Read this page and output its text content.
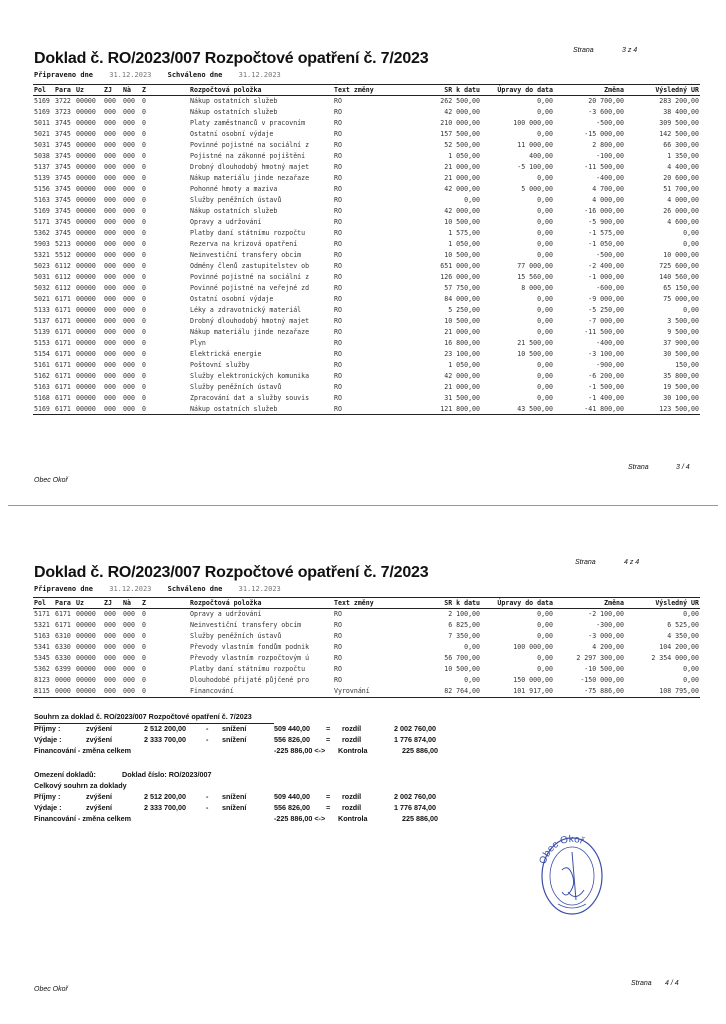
Doklad č. RO/2023/007 Rozpočtové opatření č. 7/2023	Strana	3 z 4
Připraveno dne 31.12.2023 Schváleno dne 31.12.2023
Pol	Para	Uz	ZJ	Nà	Z	Rozpočtová položka	Text změny	SR k datu	Úpravy do data	Změna	Výsledný UR
5169	3722	00000	000	000	0	Nákup ostatních služeb	RO	262 500,00	0,00	20 700,00	283 200,00
5169	3723	00000	000	000	0	Nákup ostatních služeb	RO	42 000,00	0,00	-3 600,00	38 400,00
5011	3745	00000	000	000	0	Platy zaměstnanců v pracovním	RO	210 000,00	100 000,00	-500,00	309 500,00
5021	3745	00000	000	000	0	Ostatní osobní výdaje	RO	157 500,00	0,00	-15 000,00	142 500,00
5031	3745	00000	000	000	0	Povinné pojistné na sociální z	RO	52 500,00	11 000,00	2 800,00	66 300,00
5038	3745	00000	000	000	0	Pojistné na zákonné pojištění	RO	1 050,00	400,00	-100,00	1 350,00
5137	3745	00000	000	000	0	Drobný dlouhodobý hmotný majet	RO	21 000,00	-5 100,00	-11 500,00	4 400,00
5139	3745	00000	000	000	0	Nákup materiálu jinde nezařaze	RO	21 000,00	0,00	-400,00	20 600,00
5156	3745	00000	000	000	0	Pohonné hmoty a maziva	RO	42 000,00	5 000,00	4 700,00	51 700,00
5163	3745	00000	000	000	0	Služby peněžních ústavů	RO	0,00	0,00	4 000,00	4 000,00
5169	3745	00000	000	000	0	Nákup ostatních služeb	RO	42 000,00	0,00	-16 000,00	26 000,00
5171	3745	00000	000	000	0	Opravy a udržování	RO	10 500,00	0,00	-5 900,00	4 600,00
5362	3745	00000	000	000	0	Platby daní státnímu rozpočtu	RO	1 575,00	0,00	-1 575,00	0,00
5903	5213	00000	000	000	0	Rezerva na krizová opatření	RO	1 050,00	0,00	-1 050,00	0,00
5321	5512	00000	000	000	0	Neinvestiční transfery obcím	RO	10 500,00	0,00	-500,00	10 000,00
5023	6112	00000	000	000	0	Odměny členů zastupitelstev ob	RO	651 000,00	77 000,00	-2 400,00	725 600,00
5031	6112	00000	000	000	0	Povinné pojistné na sociální z	RO	126 000,00	15 560,00	-1 000,00	140 560,00
5032	6112	00000	000	000	0	Povinné pojistné na veřejné zd	RO	57 750,00	8 000,00	-600,00	65 150,00
5021	6171	00000	000	000	0	Ostatní osobní výdaje	RO	84 000,00	0,00	-9 000,00	75 000,00
5133	6171	00000	000	000	0	Léky a zdravotnický materiál	RO	5 250,00	0,00	-5 250,00	0,00
5137	6171	00000	000	000	0	Drobný dlouhodobý hmotný majet	RO	10 500,00	0,00	-7 000,00	3 500,00
5139	6171	00000	000	000	0	Nákup materiálu jinde nezařaze	RO	21 000,00	0,00	-11 500,00	9 500,00
5153	6171	00000	000	000	0	Plyn	RO	16 800,00	21 500,00	-400,00	37 900,00
5154	6171	00000	000	000	0	Elektrická energie	RO	23 100,00	10 500,00	-3 100,00	30 500,00
5161	6171	00000	000	000	0	Poštovní služby	RO	1 050,00	0,00	-900,00	150,00
5162	6171	00000	000	000	0	Služby elektronických komunika	RO	42 000,00	0,00	-6 200,00	35 800,00
5163	6171	00000	000	000	0	Služby peněžních ústavů	RO	21 000,00	0,00	-1 500,00	19 500,00
5168	6171	00000	000	000	0	Zpracování dat a služby souvis	RO	31 500,00	0,00	-1 400,00	30 100,00
5169	6171	00000	000	000	0	Nákup ostatních služeb	RO	121 800,00	43 500,00	-41 800,00	123 500,00
Obec Okoř
Strana	3 / 4
Strana	4 z 4
Doklad č. RO/2023/007 Rozpočtové opatření č. 7/2023
Připraveno dne 31.12.2023 Schváleno dne 31.12.2023
Pol	Para	Uz	ZJ	Nà	Z	Rozpočtová položka	Text změny	SR k datu	Úpravy do data	Změna	Výsledný UR
5171	6171	00000	000	000	0	Opravy a udržování	RO	2 100,00	0,00	-2 100,00	0,00
5321	6171	00000	000	000	0	Neinvestiční transfery obcím	RO	6 825,00	0,00	-300,00	6 525,00
5163	6310	00000	000	000	0	Služby peněžních ústavů	RO	7 350,00	0,00	-3 000,00	4 350,00
5341	6330	00000	000	000	0	Převody vlastním fondům podnik	RO	0,00	100 000,00	4 200,00	104 200,00
5345	6330	00000	000	000	0	Převody vlastním rozpočtovým ú	RO	56 700,00	0,00	2 297 300,00	2 354 000,00
5362	6399	00000	000	000	0	Platby daní státnímu rozpočtu	RO	10 500,00	0,00	-10 500,00	0,00
8123	0000	00000	000	000	0	Dlouhodobé přijaté půjčené pro	RO	0,00	150 000,00	-150 000,00	0,00
8115	0000	00000	000	000	0	Financování	Vyrovnání	82 764,00	101 917,00	-75 886,00	108 795,00
Souhrn za doklad č. RO/2023/007 Rozpočtové opatření č. 7/2023
Příjmy :	zvýšení	2 512 200,00	- snížení	509 440,00 = rozdíl	2 002 760,00
Výdaje :	zvýšení	2 333 700,00	- snížení	556 826,00 = rozdíl	1 776 874,00
Financování - změna celkem	-225 886,00 <-> Kontrola	225 886,00
Omezení dokladů:	Doklad číslo: RO/2023/007
Celkový souhrn za doklady
Příjmy :	zvýšení	2 512 200,00	- snížení	509 440,00 = rozdíl	2 002 760,00
Výdaje :	zvýšení	2 333 700,00	- snížení	556 826,00 = rozdíl	1 776 874,00
Financování - změna celkem	-225 886,00 <-> Kontrola	225 886,00
Obec Okoř
Obec Okoř
Strana 4 / 4
